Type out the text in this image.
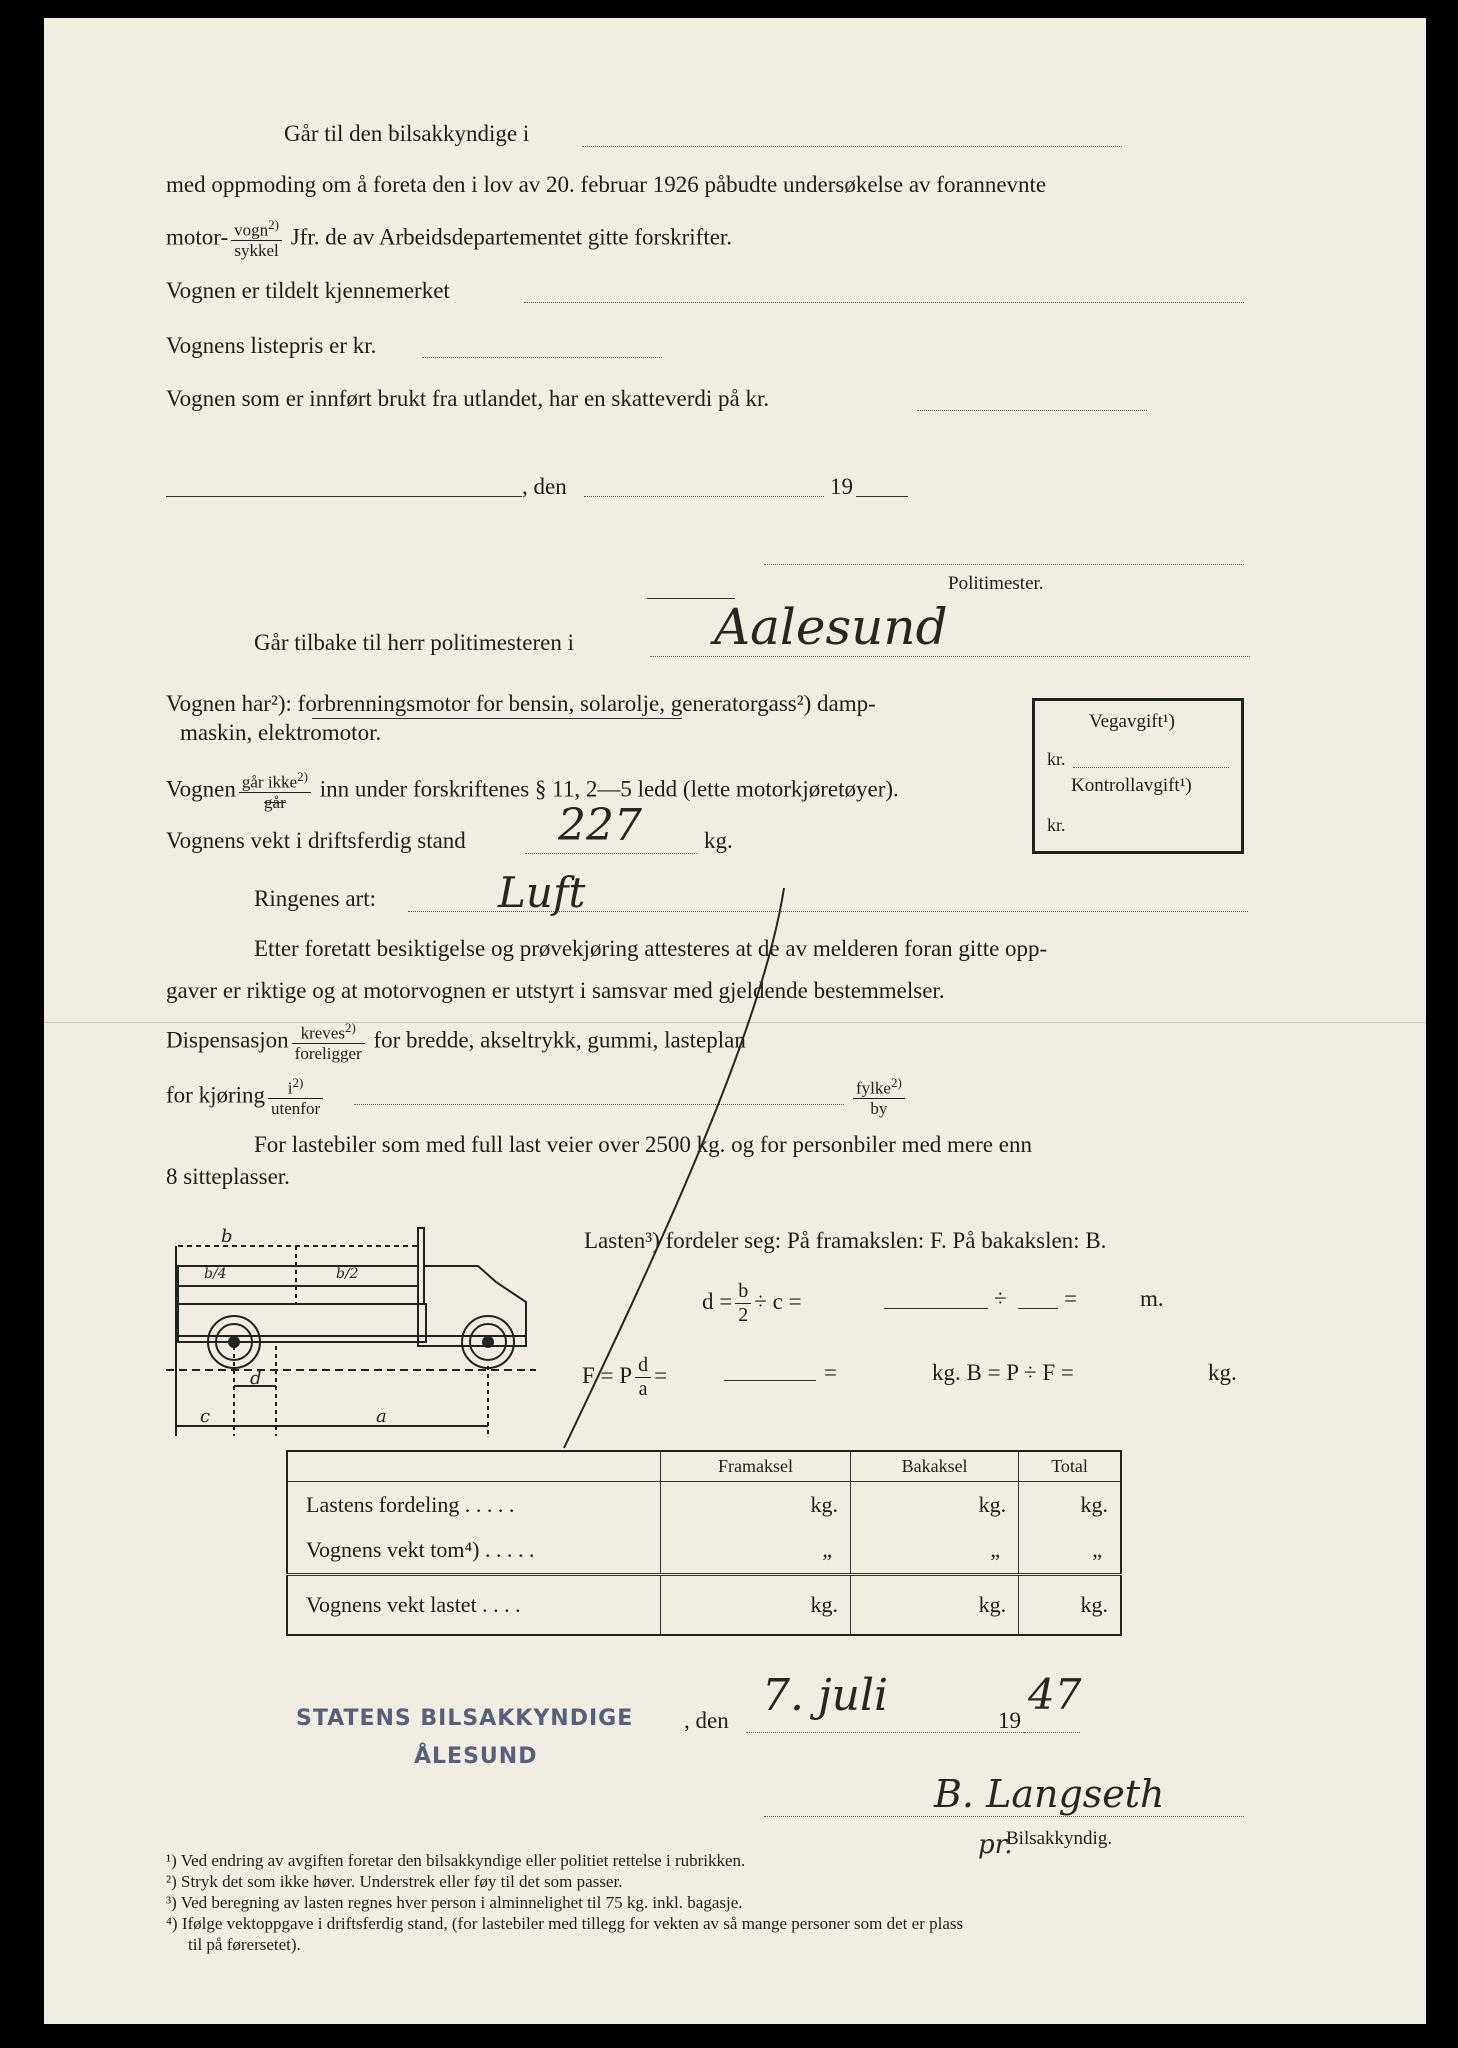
Går til den bilsakkyndige i
med oppmoding om å foreta den i lov av 20. februar 1926 påbudte undersøkelse av forannevnte
motor- $\frac{vogn^{2)}}{\text{sykkel}}$ Jfr. de av Arbeidsdepartementet gitte forskrifter.
Vognen er tildelt kjennemerket
Vognens listepris er kr.
Vognen som er innført brukt fra utlandet, har en skatteverdi på kr.
, den	19
Politimester.
Går tilbake til herr politimesteren i	Aalesund
Vognen har²): forbrenningsmotor for bensin, solarolje, generatorgass²) damp-
maskin, elektromotor.
Vognen $\frac{går ikke^{2)}}{\text{går}}$ inn under forskriftenes § 11, 2—5 ledd (lette motorkjøretøyer).
Vognens vekt i driftsferdig stand 227	kg.
Ringenes art:	Luft
Etter foretatt besiktigelse og prøvekjøring attesteres at de av melderen foran gitte opp-
gaver er riktige og at motorvognen er utstyrt i samsvar med gjeldende bestemmelser.
Dispensasjon $\frac{kreves^{2)}}{\text{foreligger}}$ for bredde, akseltrykk, gummi, lasteplan
for kjøring $\frac{i^{2)}}{\text{utenfor}}$	$\frac{fylke^{2)}}{by}$
For lastebiler som med full last veier over 2500 kg. og for personbiler med mere enn
8 sitteplasser.
Vegavgift¹)
kr.
Kontrollavgift¹)
kr.
b
b/4	b/2
d
c	a
Lasten³) fordeler seg: På framakslen: F. På bakakslen: B.
$d = \frac{b}{2} \div c$ =	÷ =	m.
F = P $\frac{d}{a}$ =	=	kg. B = P ÷ F =	kg.
	Framaksel	Bakaksel	Total
Lastens fordeling . . . . .	kg.	kg.	kg.
Vognens vekt tom⁴) . . . . .	„	„	„
Vognens vekt lastet . . . .	kg.	kg.	kg.
STATENS BILSAKKYNDIGE
ÅLESUND
, den 7. juli	19
47
B. Langseth
pr.
Bilsakkyndig.
¹) Ved endring av avgiften foretar den bilsakkyndige eller politiet rettelse i rubrikken.
²) Stryk det som ikke høver. Understrek eller føy til det som passer.
³) Ved beregning av lasten regnes hver person i alminnelighet til 75 kg. inkl. bagasje.
⁴) Ifølge vektoppgave i driftsferdig stand, (for lastebiler med tillegg for vekten av så mange personer som det er plass
til på førersetet).
